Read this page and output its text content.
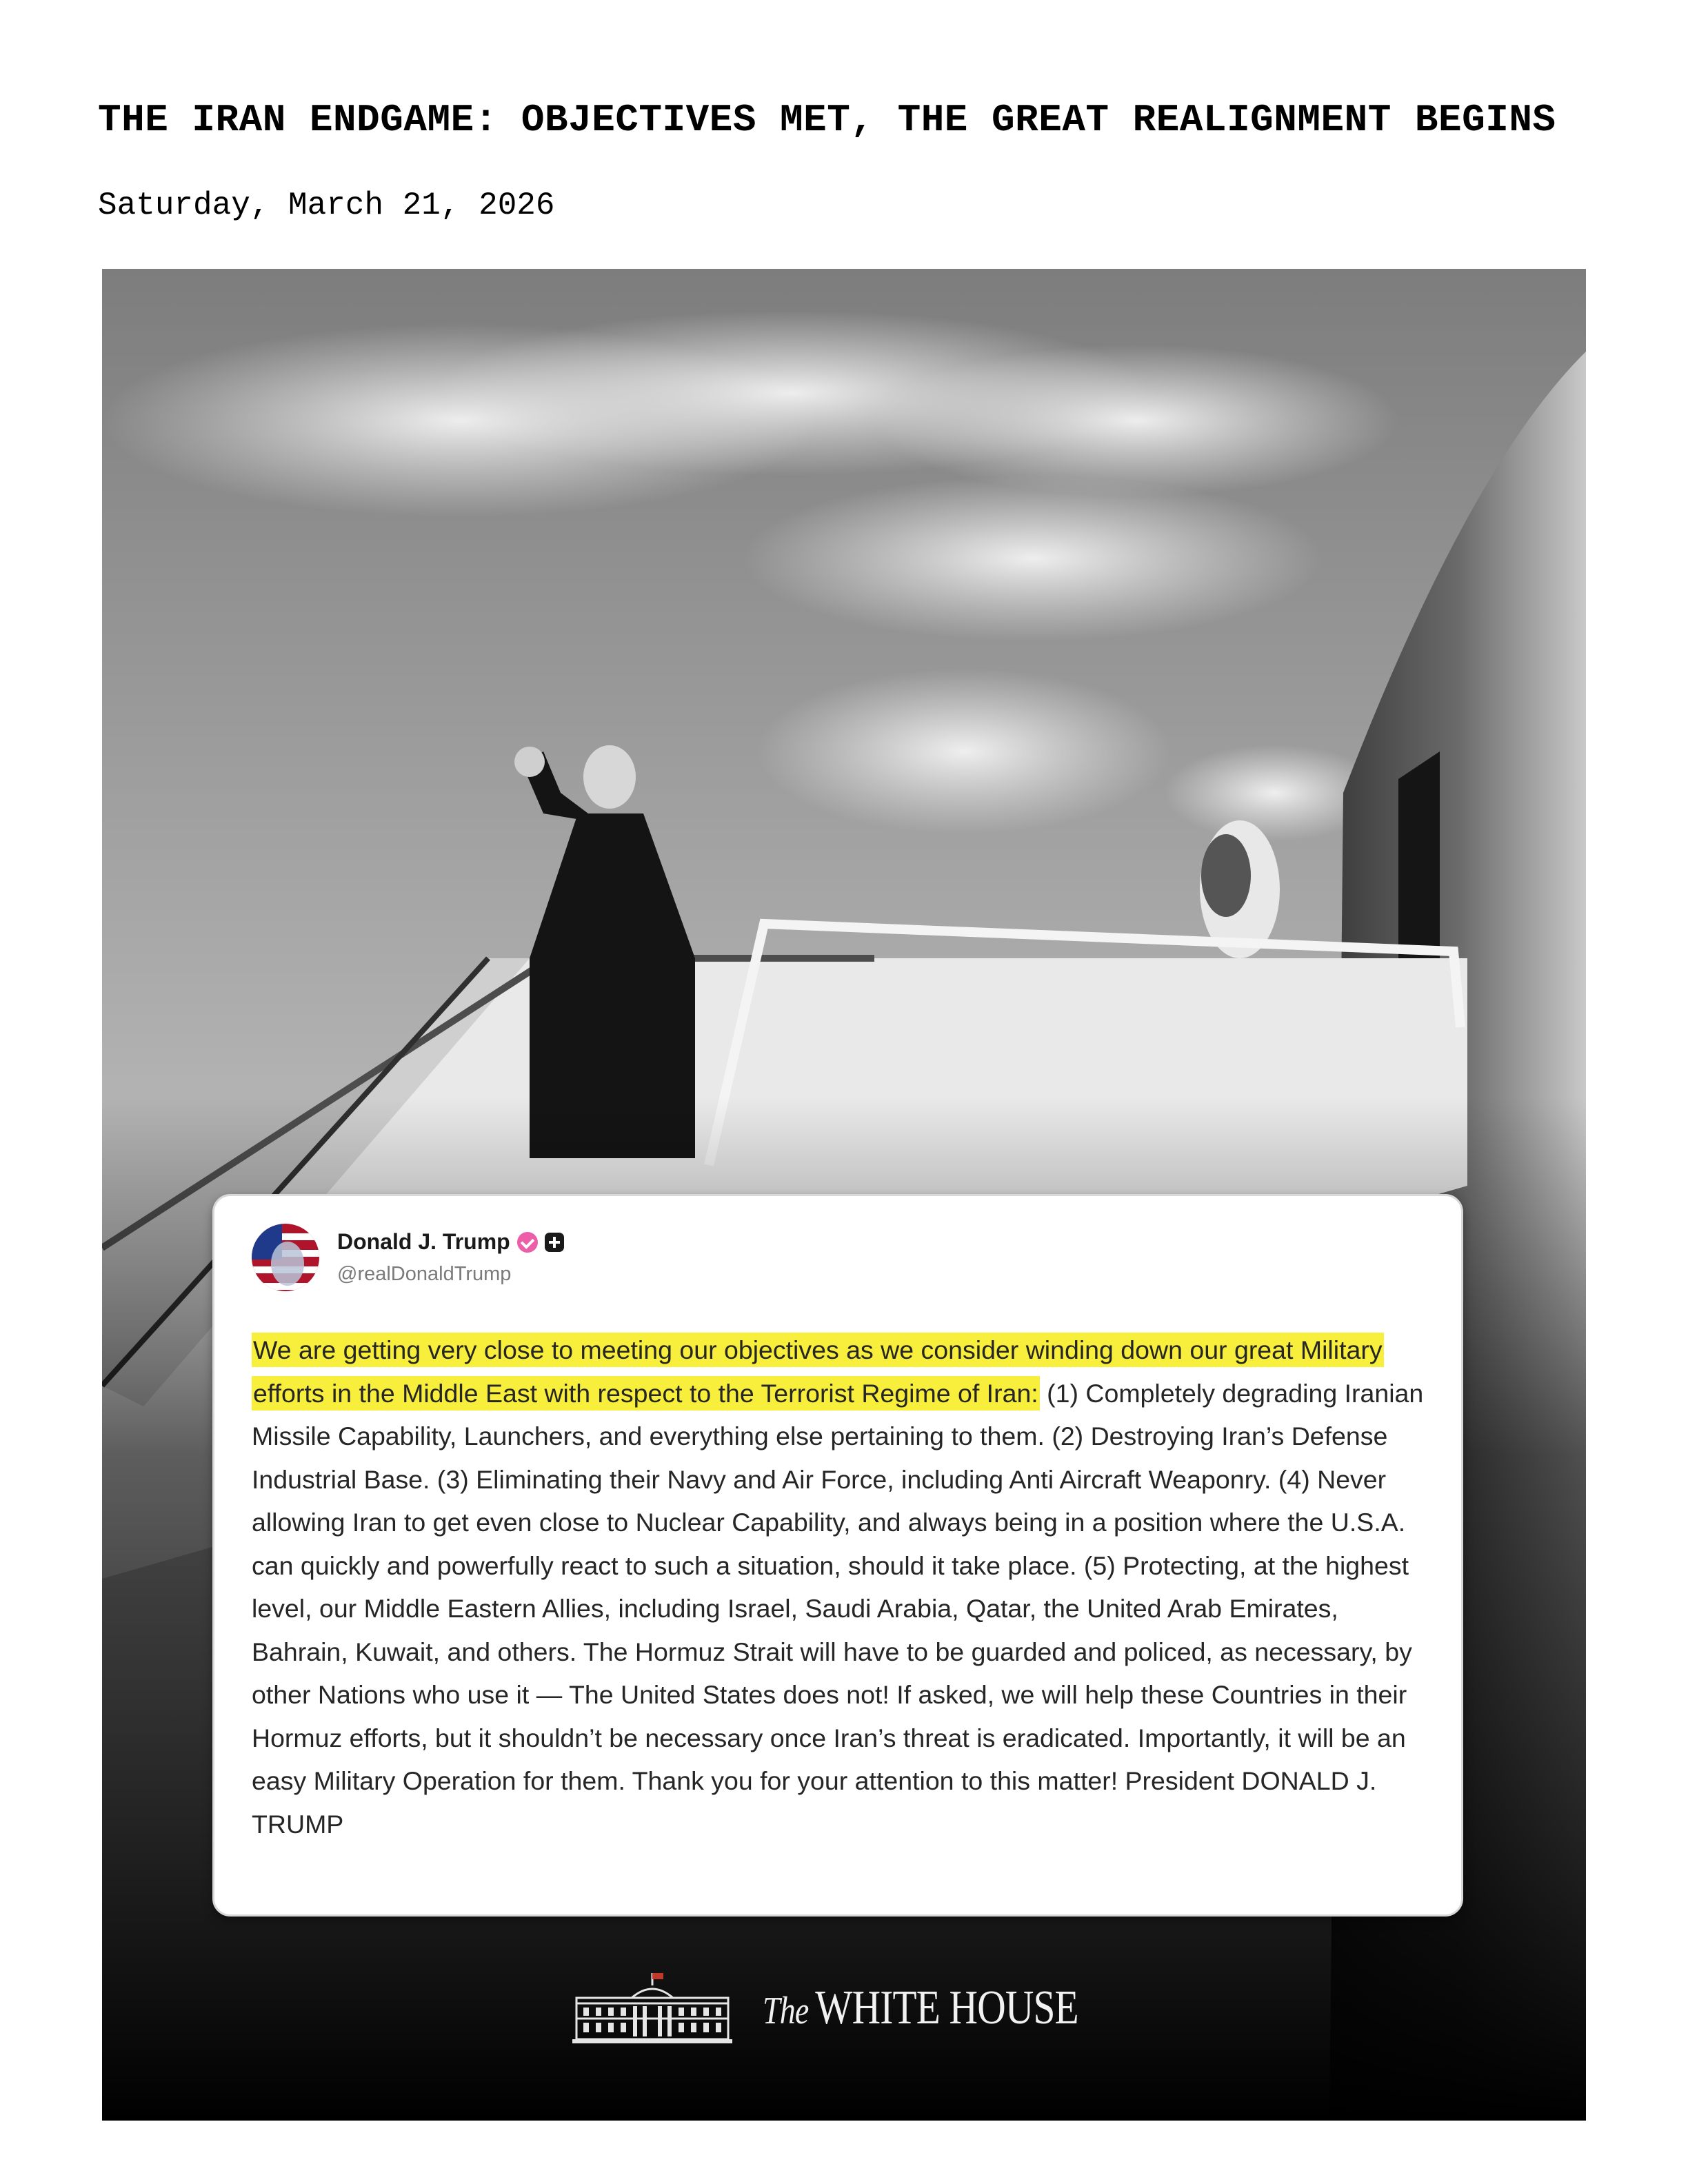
THE IRAN ENDGAME: OBJECTIVES MET, THE GREAT REALIGNMENT BEGINS
Saturday, March 21, 2026
Donald J. Trump
@realDonaldTrump
We are getting very close to meeting our objectives as we consider winding down our great Military efforts in the Middle East with respect to the Terrorist Regime of Iran: (1) Completely degrading Iranian Missile Capability, Launchers, and everything else pertaining to them. (2) Destroying Iran’s Defense Industrial Base. (3) Eliminating their Navy and Air Force, including Anti Aircraft Weaponry. (4) Never allowing Iran to get even close to Nuclear Capability, and always being in a position where the U.S.A. can quickly and powerfully react to such a situation, should it take place. (5) Protecting, at the highest level, our Middle Eastern Allies, including Israel, Saudi Arabia, Qatar, the United Arab Emirates, Bahrain, Kuwait, and others. The Hormuz Strait will have to be guarded and policed, as necessary, by other Nations who use it — The United States does not! If asked, we will help these Countries in their Hormuz efforts, but it shouldn’t be necessary once Iran’s threat is eradicated. Importantly, it will be an easy Military Operation for them. Thank you for your attention to this matter! President DONALD J. TRUMP
The WHITE HOUSE
